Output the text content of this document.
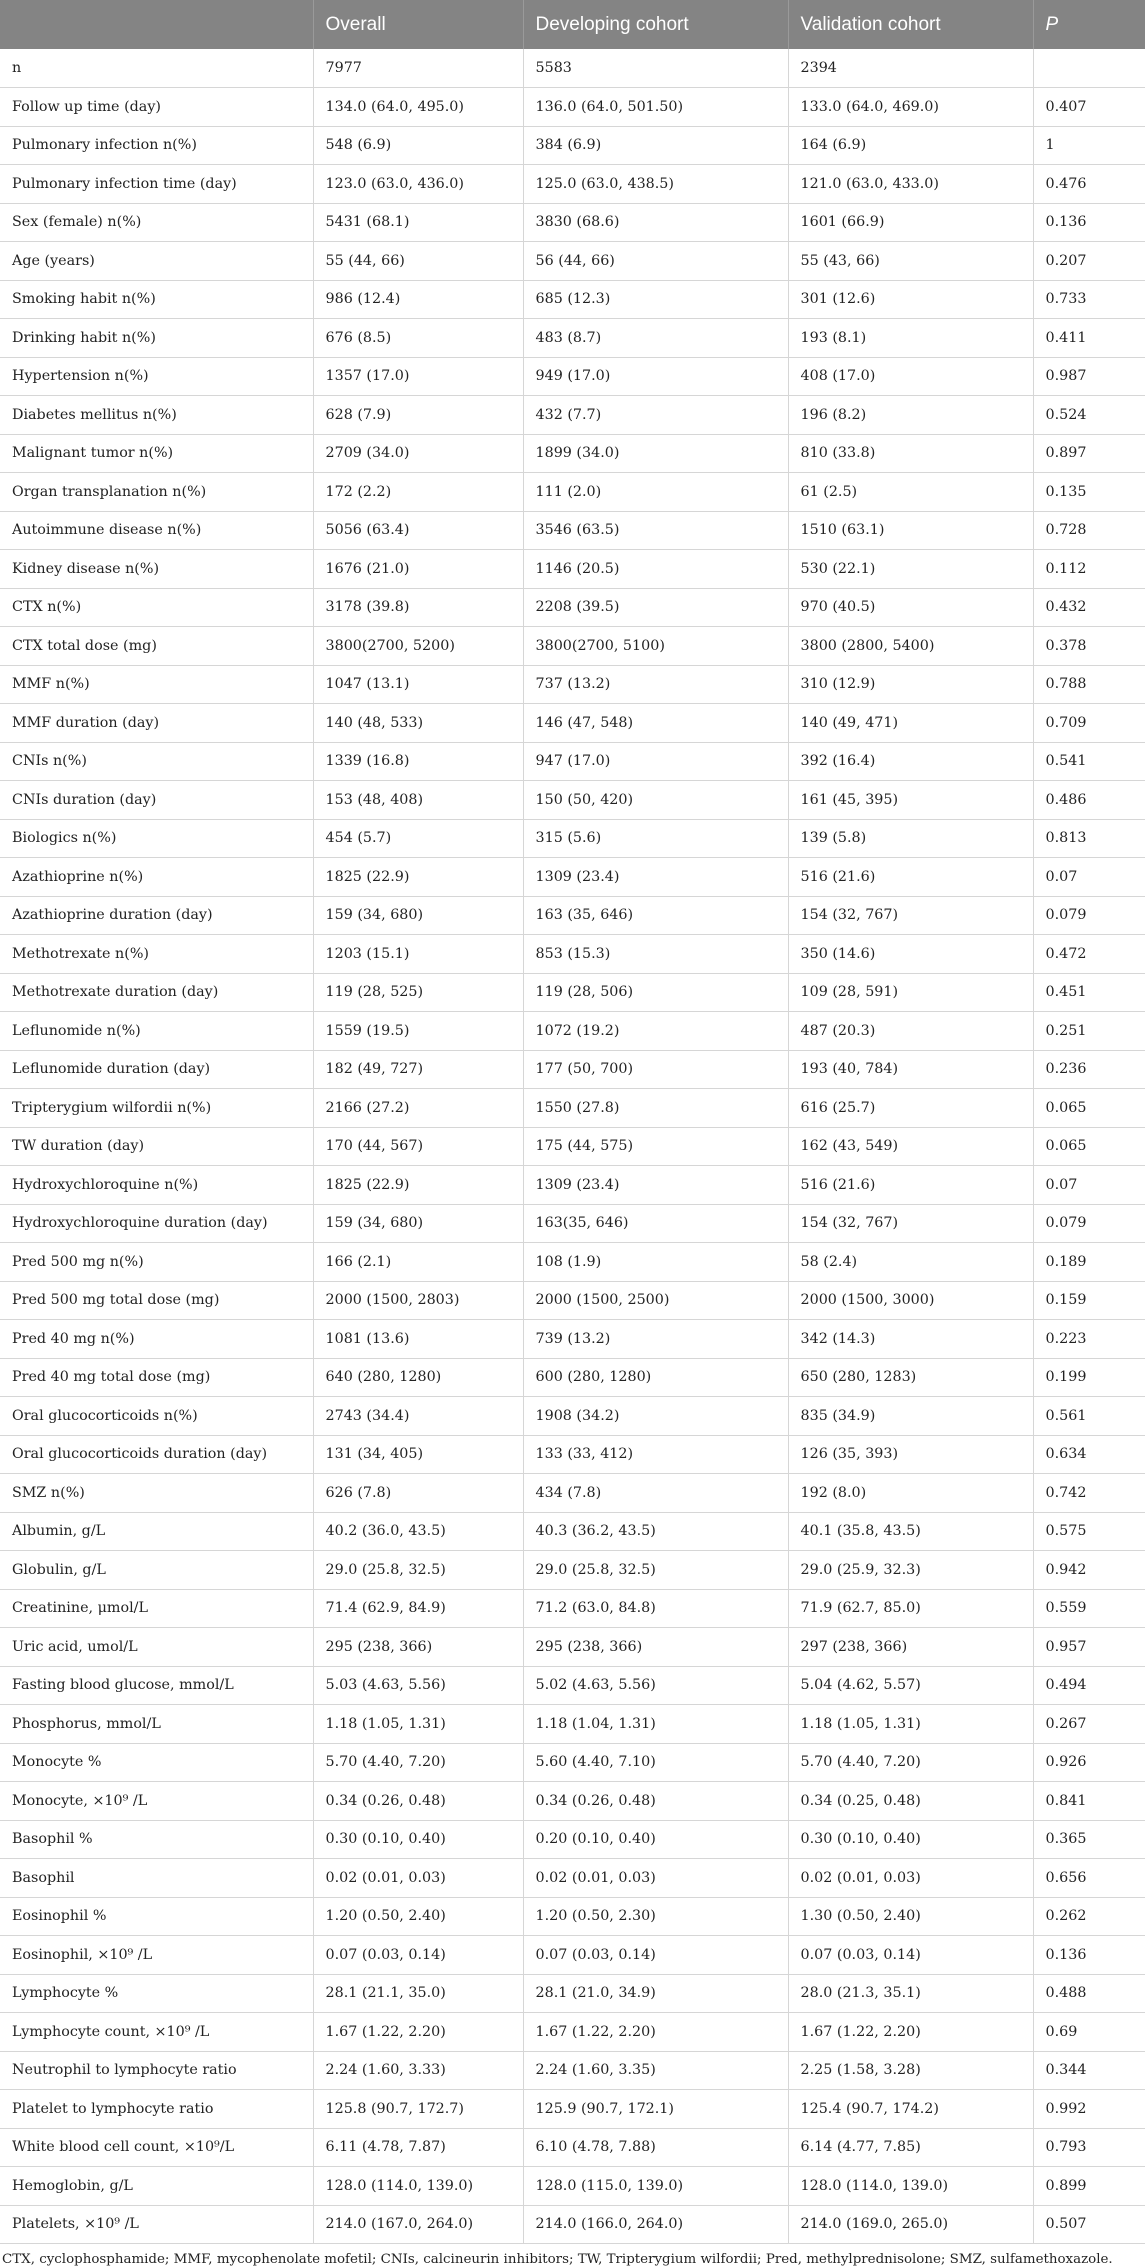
	Overall	Developing cohort	Validation cohort	P
n	7977	5583	2394	
Follow up time (day)	134.0 (64.0, 495.0)	136.0 (64.0, 501.50)	133.0 (64.0, 469.0)	0.407
Pulmonary infection n(%)	548 (6.9)	384 (6.9)	164 (6.9)	1
Pulmonary infection time (day)	123.0 (63.0, 436.0)	125.0 (63.0, 438.5)	121.0 (63.0, 433.0)	0.476
Sex (female) n(%)	5431 (68.1)	3830 (68.6)	1601 (66.9)	0.136
Age (years)	55 (44, 66)	56 (44, 66)	55 (43, 66)	0.207
Smoking habit n(%)	986 (12.4)	685 (12.3)	301 (12.6)	0.733
Drinking habit n(%)	676 (8.5)	483 (8.7)	193 (8.1)	0.411
Hypertension n(%)	1357 (17.0)	949 (17.0)	408 (17.0)	0.987
Diabetes mellitus n(%)	628 (7.9)	432 (7.7)	196 (8.2)	0.524
Malignant tumor n(%)	2709 (34.0)	1899 (34.0)	810 (33.8)	0.897
Organ transplanation n(%)	172 (2.2)	111 (2.0)	61 (2.5)	0.135
Autoimmune disease n(%)	5056 (63.4)	3546 (63.5)	1510 (63.1)	0.728
Kidney disease n(%)	1676 (21.0)	1146 (20.5)	530 (22.1)	0.112
CTX n(%)	3178 (39.8)	2208 (39.5)	970 (40.5)	0.432
CTX total dose (mg)	3800(2700, 5200)	3800(2700, 5100)	3800 (2800, 5400)	0.378
MMF n(%)	1047 (13.1)	737 (13.2)	310 (12.9)	0.788
MMF duration (day)	140 (48, 533)	146 (47, 548)	140 (49, 471)	0.709
CNIs n(%)	1339 (16.8)	947 (17.0)	392 (16.4)	0.541
CNIs duration (day)	153 (48, 408)	150 (50, 420)	161 (45, 395)	0.486
Biologics n(%)	454 (5.7)	315 (5.6)	139 (5.8)	0.813
Azathioprine n(%)	1825 (22.9)	1309 (23.4)	516 (21.6)	0.07
Azathioprine duration (day)	159 (34, 680)	163 (35, 646)	154 (32, 767)	0.079
Methotrexate n(%)	1203 (15.1)	853 (15.3)	350 (14.6)	0.472
Methotrexate duration (day)	119 (28, 525)	119 (28, 506)	109 (28, 591)	0.451
Leflunomide n(%)	1559 (19.5)	1072 (19.2)	487 (20.3)	0.251
Leflunomide duration (day)	182 (49, 727)	177 (50, 700)	193 (40, 784)	0.236
Tripterygium wilfordii n(%)	2166 (27.2)	1550 (27.8)	616 (25.7)	0.065
TW duration (day)	170 (44, 567)	175 (44, 575)	162 (43, 549)	0.065
Hydroxychloroquine n(%)	1825 (22.9)	1309 (23.4)	516 (21.6)	0.07
Hydroxychloroquine duration (day)	159 (34, 680)	163(35, 646)	154 (32, 767)	0.079
Pred 500 mg n(%)	166 (2.1)	108 (1.9)	58 (2.4)	0.189
Pred 500 mg total dose (mg)	2000 (1500, 2803)	2000 (1500, 2500)	2000 (1500, 3000)	0.159
Pred 40 mg n(%)	1081 (13.6)	739 (13.2)	342 (14.3)	0.223
Pred 40 mg total dose (mg)	640 (280, 1280)	600 (280, 1280)	650 (280, 1283)	0.199
Oral glucocorticoids n(%)	2743 (34.4)	1908 (34.2)	835 (34.9)	0.561
Oral glucocorticoids duration (day)	131 (34, 405)	133 (33, 412)	126 (35, 393)	0.634
SMZ n(%)	626 (7.8)	434 (7.8)	192 (8.0)	0.742
Albumin, g/L	40.2 (36.0, 43.5)	40.3 (36.2, 43.5)	40.1 (35.8, 43.5)	0.575
Globulin, g/L	29.0 (25.8, 32.5)	29.0 (25.8, 32.5)	29.0 (25.9, 32.3)	0.942
Creatinine, μmol/L	71.4 (62.9, 84.9)	71.2 (63.0, 84.8)	71.9 (62.7, 85.0)	0.559
Uric acid, umol/L	295 (238, 366)	295 (238, 366)	297 (238, 366)	0.957
Fasting blood glucose, mmol/L	5.03 (4.63, 5.56)	5.02 (4.63, 5.56)	5.04 (4.62, 5.57)	0.494
Phosphorus, mmol/L	1.18 (1.05, 1.31)	1.18 (1.04, 1.31)	1.18 (1.05, 1.31)	0.267
Monocyte %	5.70 (4.40, 7.20)	5.60 (4.40, 7.10)	5.70 (4.40, 7.20)	0.926
Monocyte, ×10⁹ /L	0.34 (0.26, 0.48)	0.34 (0.26, 0.48)	0.34 (0.25, 0.48)	0.841
Basophil %	0.30 (0.10, 0.40)	0.20 (0.10, 0.40)	0.30 (0.10, 0.40)	0.365
Basophil	0.02 (0.01, 0.03)	0.02 (0.01, 0.03)	0.02 (0.01, 0.03)	0.656
Eosinophil %	1.20 (0.50, 2.40)	1.20 (0.50, 2.30)	1.30 (0.50, 2.40)	0.262
Eosinophil, ×10⁹ /L	0.07 (0.03, 0.14)	0.07 (0.03, 0.14)	0.07 (0.03, 0.14)	0.136
Lymphocyte %	28.1 (21.1, 35.0)	28.1 (21.0, 34.9)	28.0 (21.3, 35.1)	0.488
Lymphocyte count, ×10⁹ /L	1.67 (1.22, 2.20)	1.67 (1.22, 2.20)	1.67 (1.22, 2.20)	0.69
Neutrophil to lymphocyte ratio	2.24 (1.60, 3.33)	2.24 (1.60, 3.35)	2.25 (1.58, 3.28)	0.344
Platelet to lymphocyte ratio	125.8 (90.7, 172.7)	125.9 (90.7, 172.1)	125.4 (90.7, 174.2)	0.992
White blood cell count, ×10⁹/L	6.11 (4.78, 7.87)	6.10 (4.78, 7.88)	6.14 (4.77, 7.85)	0.793
Hemoglobin, g/L	128.0 (114.0, 139.0)	128.0 (115.0, 139.0)	128.0 (114.0, 139.0)	0.899
Platelets, ×10⁹ /L	214.0 (167.0, 264.0)	214.0 (166.0, 264.0)	214.0 (169.0, 265.0)	0.507
CTX, cyclophosphamide; MMF, mycophenolate mofetil; CNIs, calcineurin inhibitors; TW, Tripterygium wilfordii; Pred, methylprednisolone; SMZ, sulfamethoxazole.
